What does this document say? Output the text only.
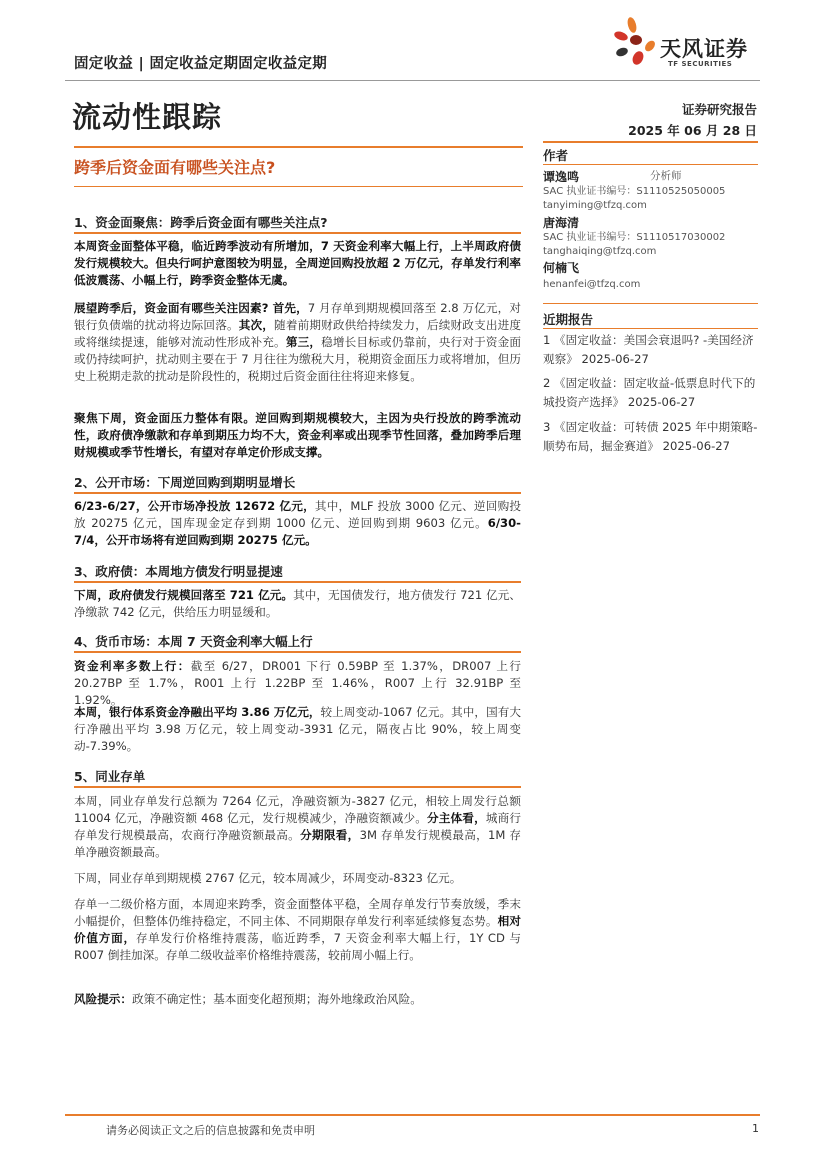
固定收益 | 固定收益定期固定收益定期
天风证券
TF SECURITIES
流动性跟踪	证券研究报告
2025 年 06 月 28 日
跨季后资金面有哪些关注点?
1、资金面聚焦：跨季后资金面有哪些关注点?
本周资金面整体平稳，临近跨季波动有所增加，7 天资金利率大幅上行，上半周政府债发行规模较大。但央行呵护意图较为明显，全周逆回购投放超 2 万亿元，存单发行利率低波震荡、小幅上行，跨季资金整体无虞。
展望跨季后，资金面有哪些关注因素? 首先，7 月存单到期规模回落至 2.8 万亿元，对银行负债端的扰动将边际回落。其次，随着前期财政供给持续发力，后续财政支出进度或将继续提速，能够对流动性形成补充。第三，稳增长目标或仍靠前，央行对于资金面或仍持续呵护，扰动则主要在于 7 月往往为缴税大月，税期资金面压力或将增加，但历史上税期走款的扰动是阶段性的，税期过后资金面往往将迎来修复。
聚焦下周，资金面压力整体有限。逆回购到期规模较大，主因为央行投放的跨季流动性，政府债净缴款和存单到期压力均不大，资金利率或出现季节性回落，叠加跨季后理财规模或季节性增长，有望对存单定价形成支撑。
2、公开市场：下周逆回购到期明显增长
6/23-6/27，公开市场净投放 12672 亿元，其中，MLF 投放 3000 亿元、逆回购投放 20275 亿元，国库现金定存到期 1000 亿元、逆回购到期 9603 亿元。6/30-7/4，公开市场将有逆回购到期 20275 亿元。
3、政府债：本周地方债发行明显提速
下周，政府债发行规模回落至 721 亿元。其中，无国债发行，地方债发行 721 亿元、净缴款 742 亿元，供给压力明显缓和。
4、货币市场：本周 7 天资金利率大幅上行
资金利率多数上行：截至 6/27，DR001 下行 0.59BP 至 1.37%，DR007 上行 20.27BP 至 1.7%，R001 上行 1.22BP 至 1.46%，R007 上行 32.91BP 至 1.92%。
本周，银行体系资金净融出平均 3.86 万亿元，较上周变动-1067 亿元。其中，国有大行净融出平均 3.98 万亿元，较上周变动-3931 亿元，隔夜占比 90%，较上周变动-7.39%。
5、同业存单
本周，同业存单发行总额为 7264 亿元，净融资额为-3827 亿元，相较上周发行总额 11004 亿元，净融资额 468 亿元，发行规模减少，净融资额减少。分主体看，城商行存单发行规模最高，农商行净融资额最高。分期限看，3M 存单发行规模最高，1M 存单净融资额最高。
下周，同业存单到期规模 2767 亿元，较本周减少，环周变动-8323 亿元。
存单一二级价格方面，本周迎来跨季，资金面整体平稳，全周存单发行节奏放缓，季末小幅提价，但整体仍维持稳定，不同主体、不同期限存单发行利率延续修复态势。相对价值方面，存单发行价格维持震荡，临近跨季，7 天资金利率大幅上行，1Y CD 与 R007 倒挂加深。存单二级收益率价格维持震荡，较前周小幅上行。
风险提示：政策不确定性；基本面变化超预期；海外地缘政治风险。
作者
谭逸鸣	分析师
SAC 执业证书编号：S1110525050005
tanyiming@tfzq.com
唐海清
SAC 执业证书编号：S1110517030002
tanghaiqing@tfzq.com
何楠飞
henanfei@tfzq.com
近期报告
1 《固定收益：美国会衰退吗? -美国经济观察》 2025-06-27
2 《固定收益：固定收益-低票息时代下的城投资产选择》 2025-06-27
3 《固定收益：可转债 2025 年中期策略-顺势布局，掘金赛道》 2025-06-27
请务必阅读正文之后的信息披露和免责申明	1
